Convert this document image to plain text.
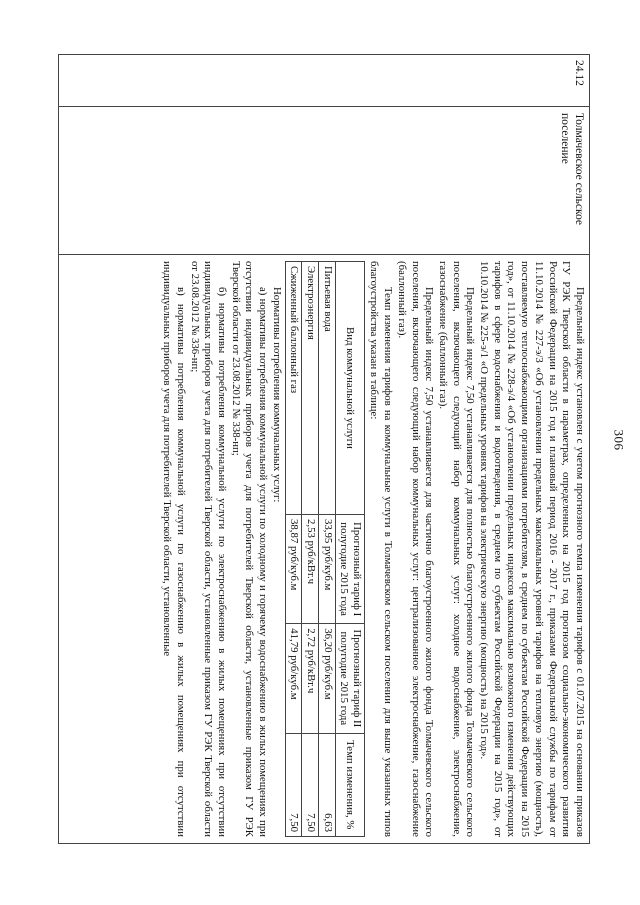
306
24.12	Толмачевское сельское поселение	

Предельный индекс установлен с учетом прогнозного темпа изменения тарифов с 01.07.2015 на основании приказов ГУ РЭК Тверской области в параметрах, определенных на 2015 год прогнозом социально-экономического развития Российской Федерации на 2015 год и плановый период 2016 - 2017 г., приказами Федеральной службы по тарифам от 11.10.2014 № 227-э/3 «Об установлении предельных максимальных уровней тарифов на тепловую энергию (мощность), поставляемую теплоснабжающими организациями потребителям, в среднем по субъектам Российской Федерации на 2015 год», от 11.10.2014 № 228-э/4 «Об установлении предельных индексов максимально возможного изменения действующих тарифов в сфере водоснабжения и водоотведения, в среднем по субъектам Российской Федерации на 2015 год», от 10.10.2014 № 225-э/1 «О предельных уровнях тарифов на электрическую энергию (мощность) на 2015 год».

Предельный индекс 7,50 устанавливается для полностью благоустроенного жилого фонда Толмачевского сельского поселения, включающего следующий набор коммунальных услуг: холодное водоснабжение, электроснабжение, газоснабжение (баллонный газ).

Предельный индекс 7,50 устанавливается для частично благоустроенного жилого фонда Толмачевского сельского поселения, включающего следующий набор коммунальных услуг: централизованное электроснабжение, газоснабжение (баллонный газ).

Темп изменения тарифов на коммунальные услуги в Толмачевском сельском поселении для выше указанных типов благоустройства указан в таблице:

Вид коммунальной услуги	Прогнозный тариф I полугодие 2015 года	Прогнозный тариф II полугодие 2015 года	Темп изменения, %
Питьевая вода	33,95 руб/куб.м	36,20 руб/куб.м	6,63
Электроэнергия	2,53 руб/кВт.ч	2,72 руб/кВт.ч	7,50
Сжиженный баллонный газ	38,87 руб/куб.м	41,79 руб/куб.м	7,50

Нормативы потребления коммунальных услуг:

а) нормативы потребления коммунальной услуги по холодному и горячему водоснабжению в жилых помещениях при отсутствии индивидуальных приборов учета для потребителей Тверской области, установленные приказом ГУ РЭК Тверской области от 23.08.2012 № 338-нп;

б) нормативы потребления коммунальной услуги по электроснабжению в жилых помещениях при отсутствии индивидуальных приборов учета для потребителей Тверской области, установленные приказом ГУ РЭК Тверской области от 23.08.2012 № 336-нп;

в) нормативы потребления коммунальной услуги по газоснабжению в жилых помещениях при отсутствии индивидуальных приборов учета для потребителей Тверской области, установленные
